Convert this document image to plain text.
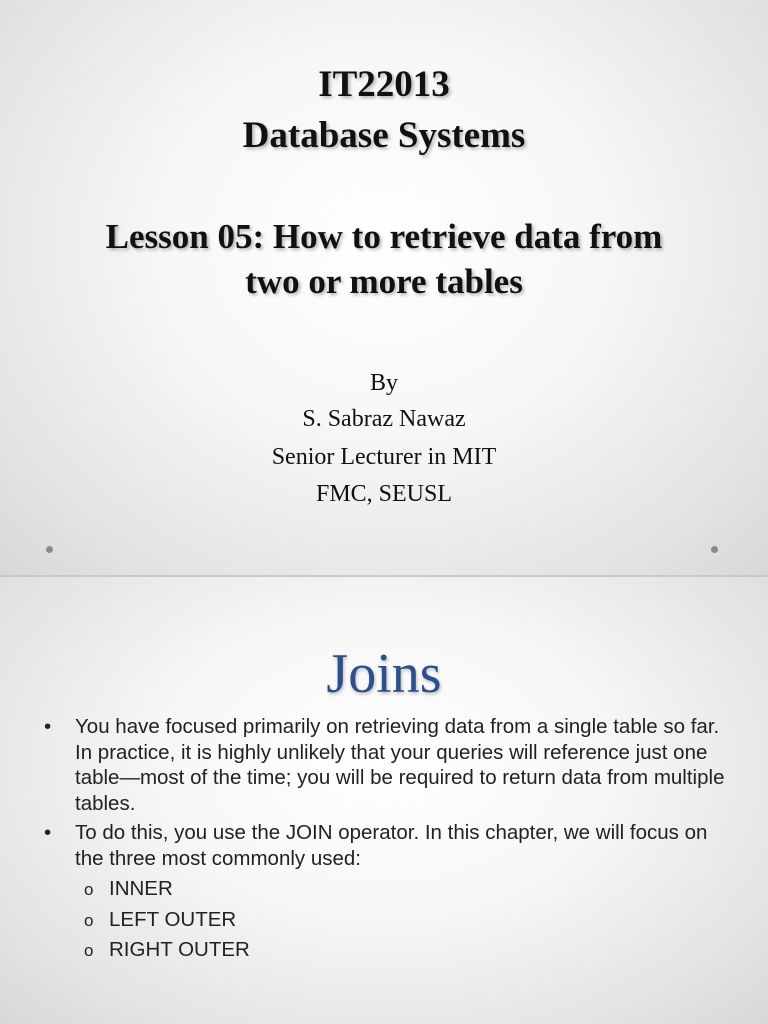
IT22013
Database Systems
Lesson 05: How to retrieve data from
two or more tables
By
S. Sabraz Nawaz
Senior Lecturer in MIT
FMC, SEUSL
Joins
• You have focused primarily on retrieving data from a single table so far. In practice, it is highly unlikely that your queries will reference just one table—most of the time; you will be required to return data from multiple tables.
• To do this, you use the JOIN operator. In this chapter, we will focus on the three most commonly used:
o INNER
o LEFT OUTER
o RIGHT OUTER
